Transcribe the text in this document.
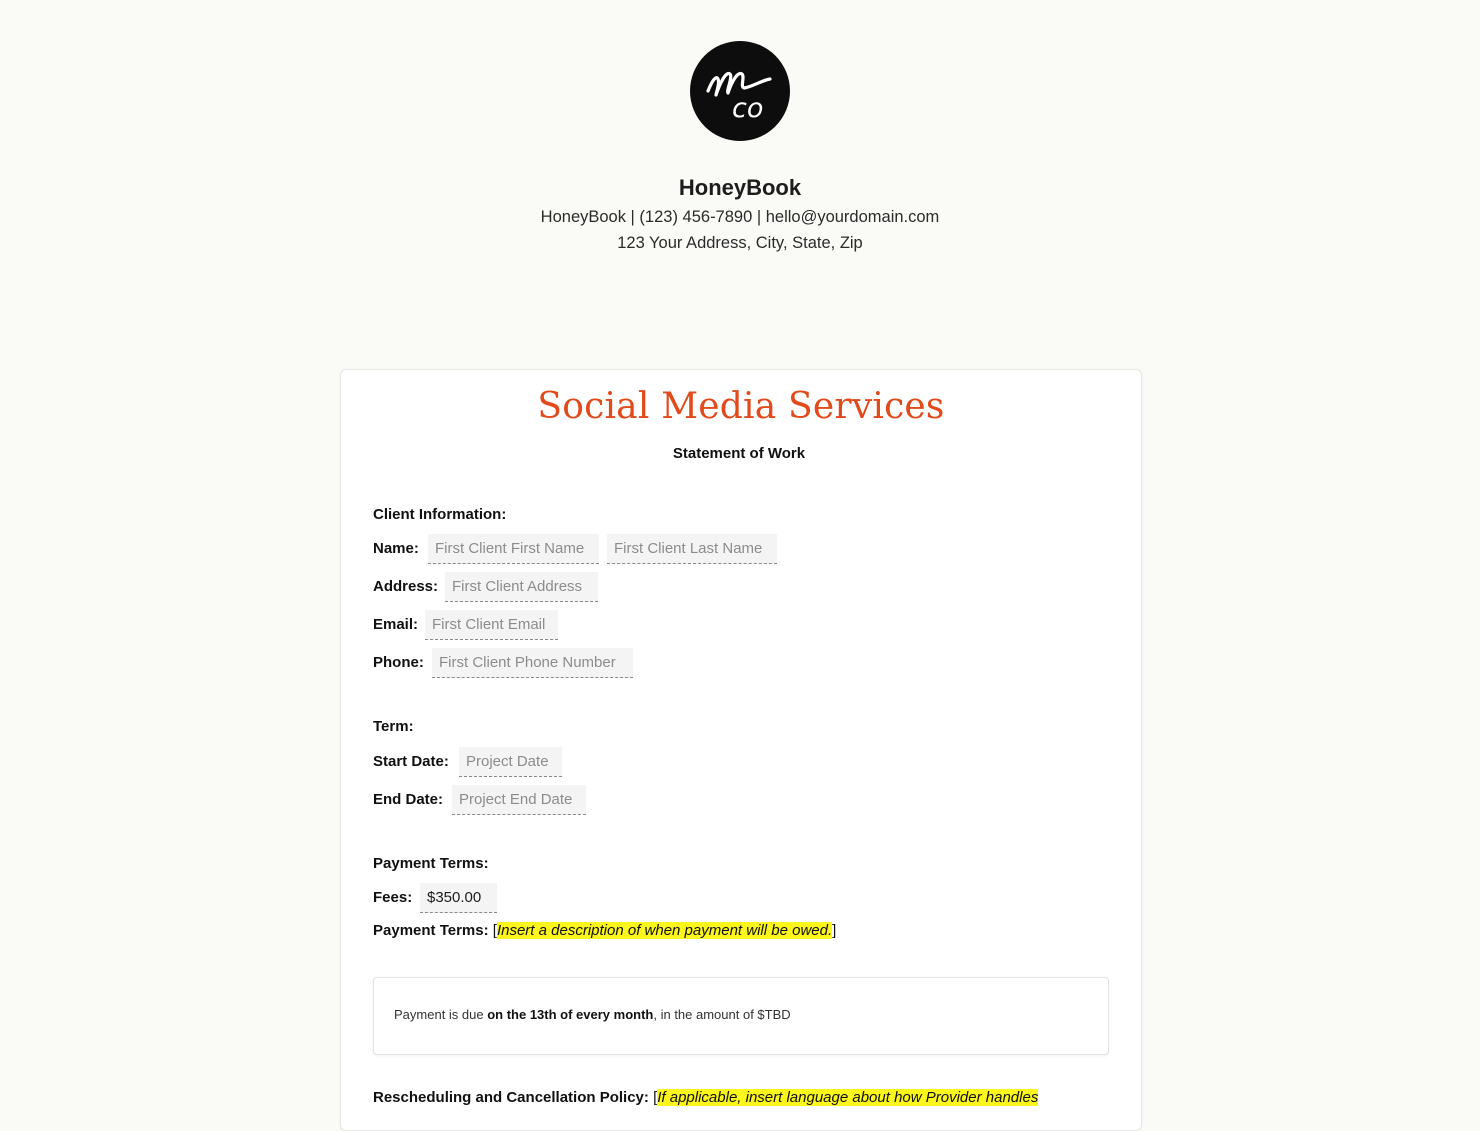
co
HoneyBook
HoneyBook | (123) 456-7890 | hello@yourdomain.com
123 Your Address, City, State, Zip
Social Media Services
Statement of Work
Client Information:
Name:	First Client First Name	First Client Last Name
Address: First Client Address
Email: First Client Email
Phone:	First Client Phone Number
Term:
Start Date:	Project Date
End Date:	Project End Date
Payment Terms:
Fees: $350.00
Payment Terms: [Insert a description of when payment will be owed.]
Payment is due on the 13th of every month, in the amount of $TBD
Rescheduling and Cancellation Policy: [If applicable, insert language about how Provider handles
